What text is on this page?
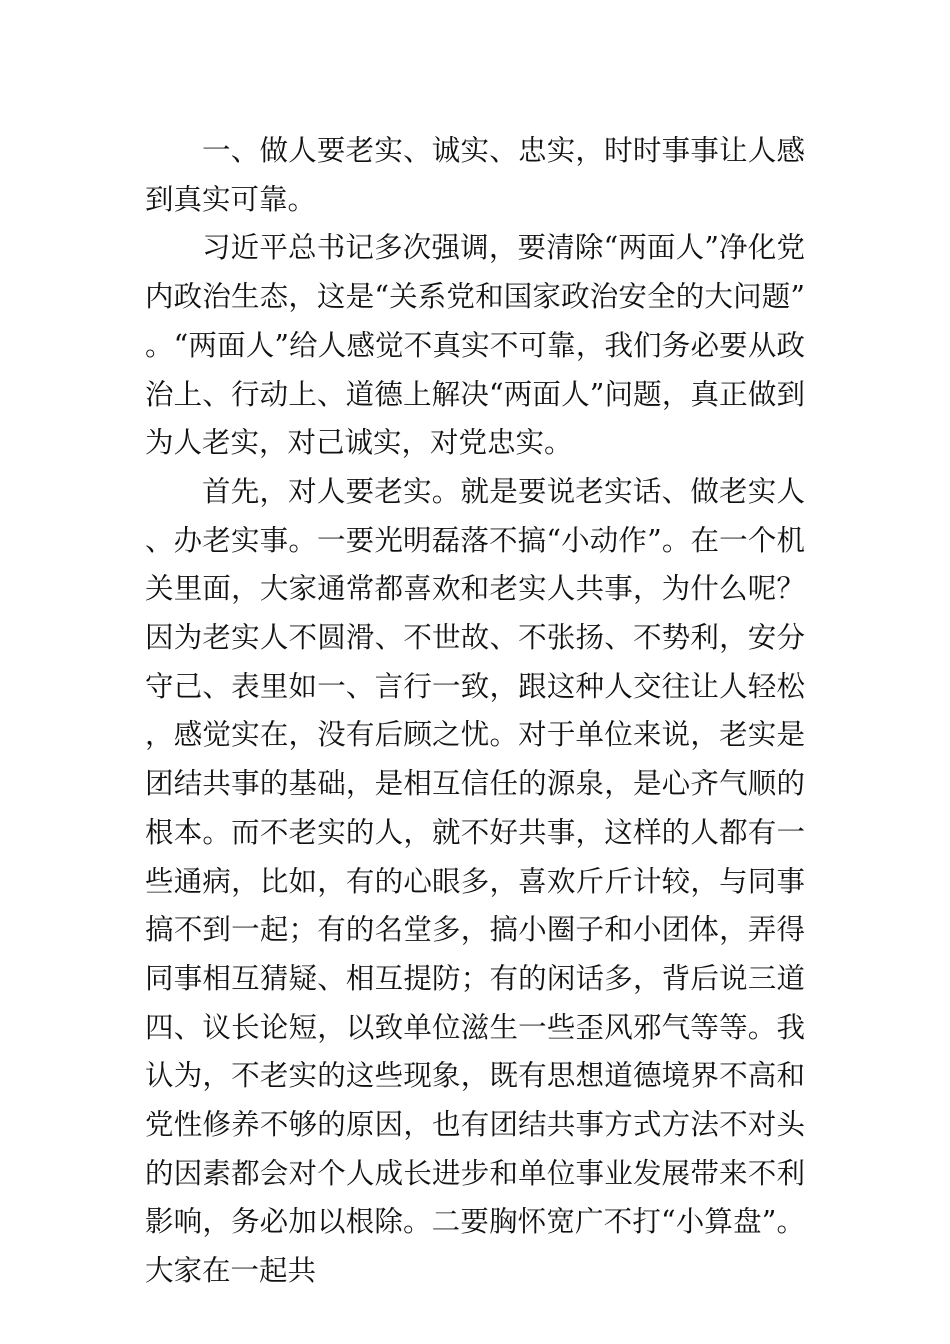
一、做人要老实、诚实、忠实，时时事事让人感到真实可靠。

习近平总书记多次强调，要清除“两面人”净化党内政治生态，这是“关系党和国家政治安全的大问题”。“两面人”给人感觉不真实不可靠，我们务必要从政治上、行动上、道德上解决“两面人”问题，真正做到为人老实，对己诚实，对党忠实。

首先，对人要老实。就是要说老实话、做老实人、办老实事。一要光明磊落不搞“小动作”。在一个机关里面，大家通常都喜欢和老实人共事，为什么呢？因为老实人不圆滑、不世故、不张扬、不势利，安分守己、表里如一、言行一致，跟这种人交往让人轻松，感觉实在，没有后顾之忧。对于单位来说，老实是团结共事的基础，是相互信任的源泉，是心齐气顺的根本。而不老实的人，就不好共事，这样的人都有一些通病，比如，有的心眼多，喜欢斤斤计较，与同事搞不到一起；有的名堂多，搞小圈子和小团体，弄得同事相互猜疑、相互提防；有的闲话多，背后说三道四、议长论短，以致单位滋生一些歪风邪气等等。我认为，不老实的这些现象，既有思想道德境界不高和党性修养不够的原因，也有团结共事方式方法不对头的因素都会对个人成长进步和单位事业发展带来不利影响，务必加以根除。二要胸怀宽广不打“小算盘”。大家在一起共
